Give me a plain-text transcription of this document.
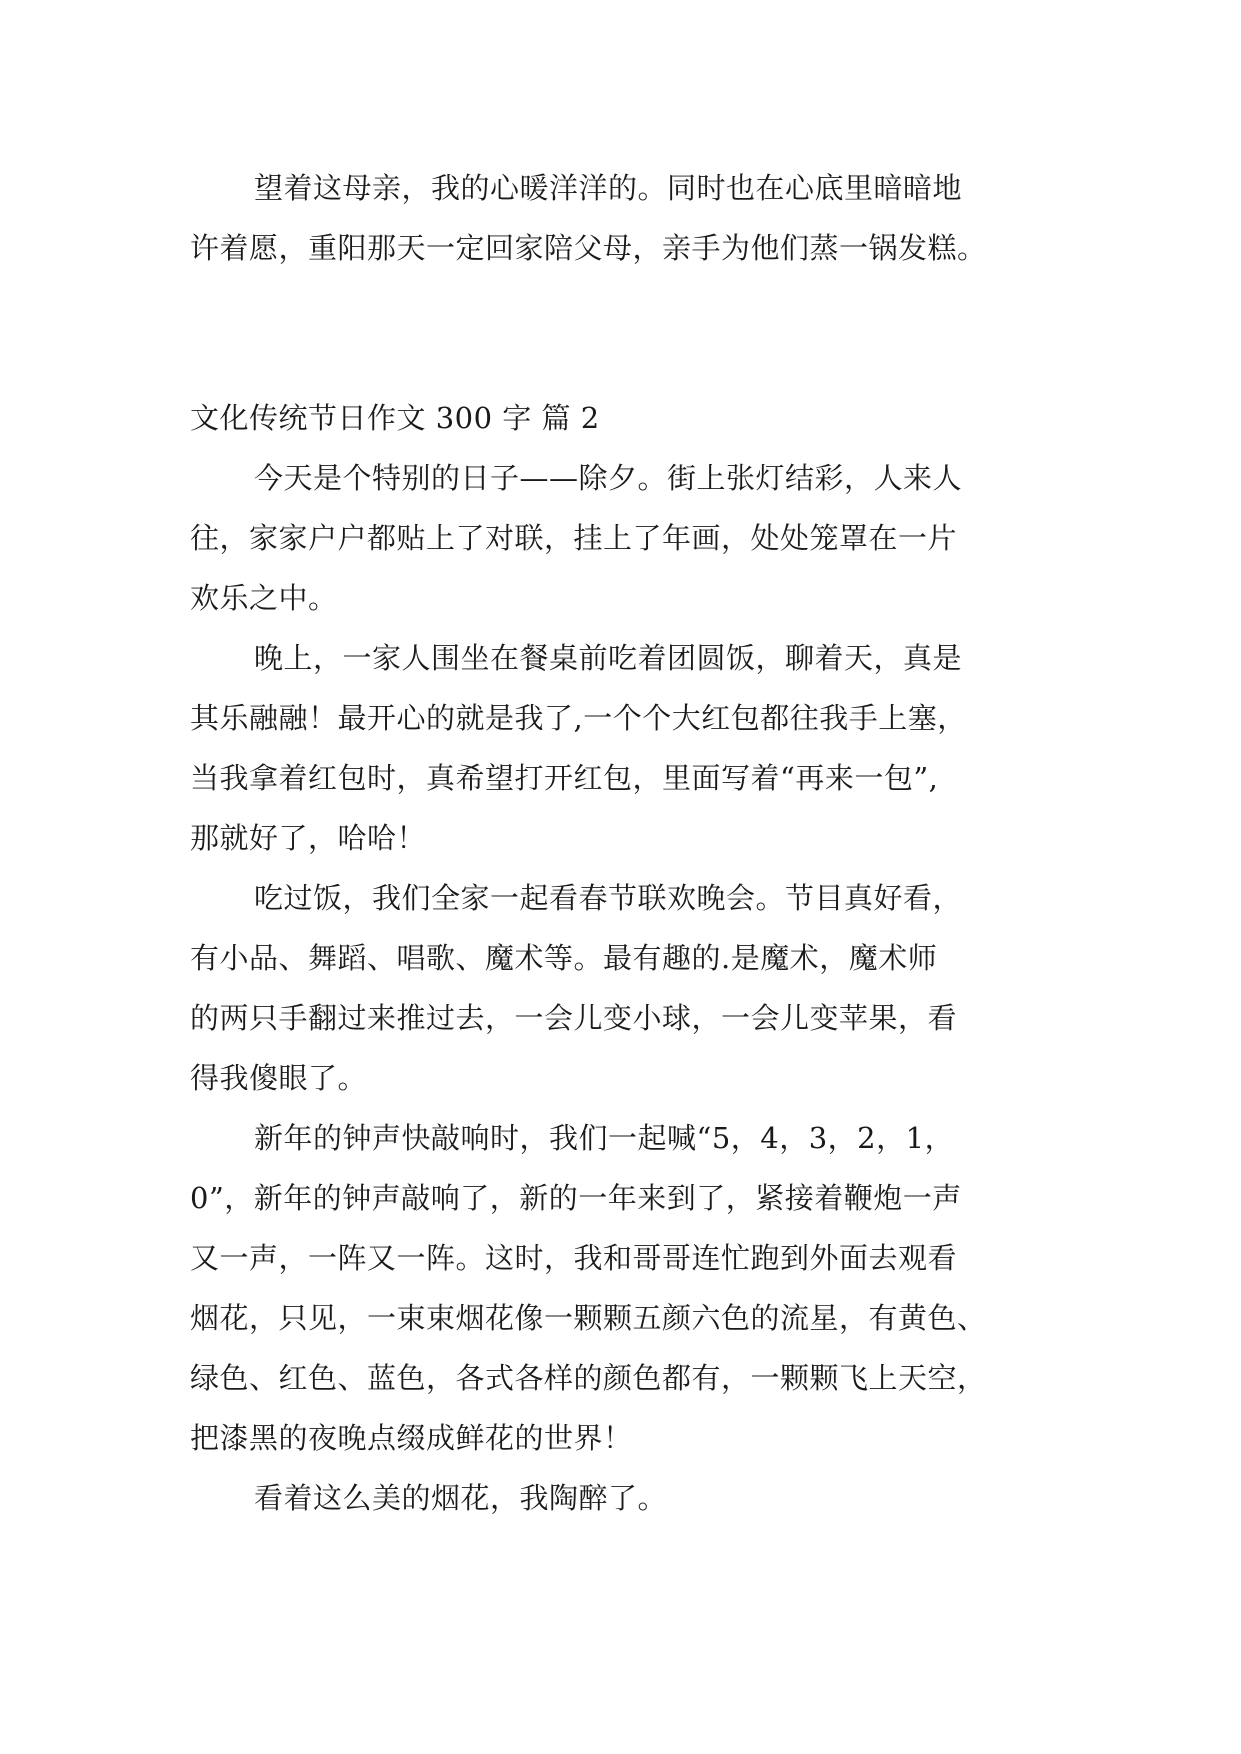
望着这母亲，我的心暖洋洋的。同时也在心底里暗暗地
许着愿，重阳那天一定回家陪父母，亲手为他们蒸一锅发糕。
文化传统节日作文 300 字 篇 2
今天是个特别的日子——除夕。街上张灯结彩，人来人
往，家家户户都贴上了对联，挂上了年画，处处笼罩在一片
欢乐之中。
晚上，一家人围坐在餐桌前吃着团圆饭，聊着天，真是
其乐融融！最开心的就是我了,一个个大红包都往我手上塞，
当我拿着红包时，真希望打开红包，里面写着“再来一包”,
那就好了，哈哈！
吃过饭，我们全家一起看春节联欢晚会。节目真好看，
有小品、舞蹈、唱歌、魔术等。最有趣的.是魔术，魔术师
的两只手翻过来推过去，一会儿变小球，一会儿变苹果，看
得我傻眼了。
新年的钟声快敲响时，我们一起喊“5，4，3，2，1，
0”，新年的钟声敲响了，新的一年来到了，紧接着鞭炮一声
又一声，一阵又一阵。这时，我和哥哥连忙跑到外面去观看
烟花，只见，一束束烟花像一颗颗五颜六色的流星，有黄色、
绿色、红色、蓝色，各式各样的颜色都有，一颗颗飞上天空，
把漆黑的夜晚点缀成鲜花的世界！
看着这么美的烟花，我陶醉了。
